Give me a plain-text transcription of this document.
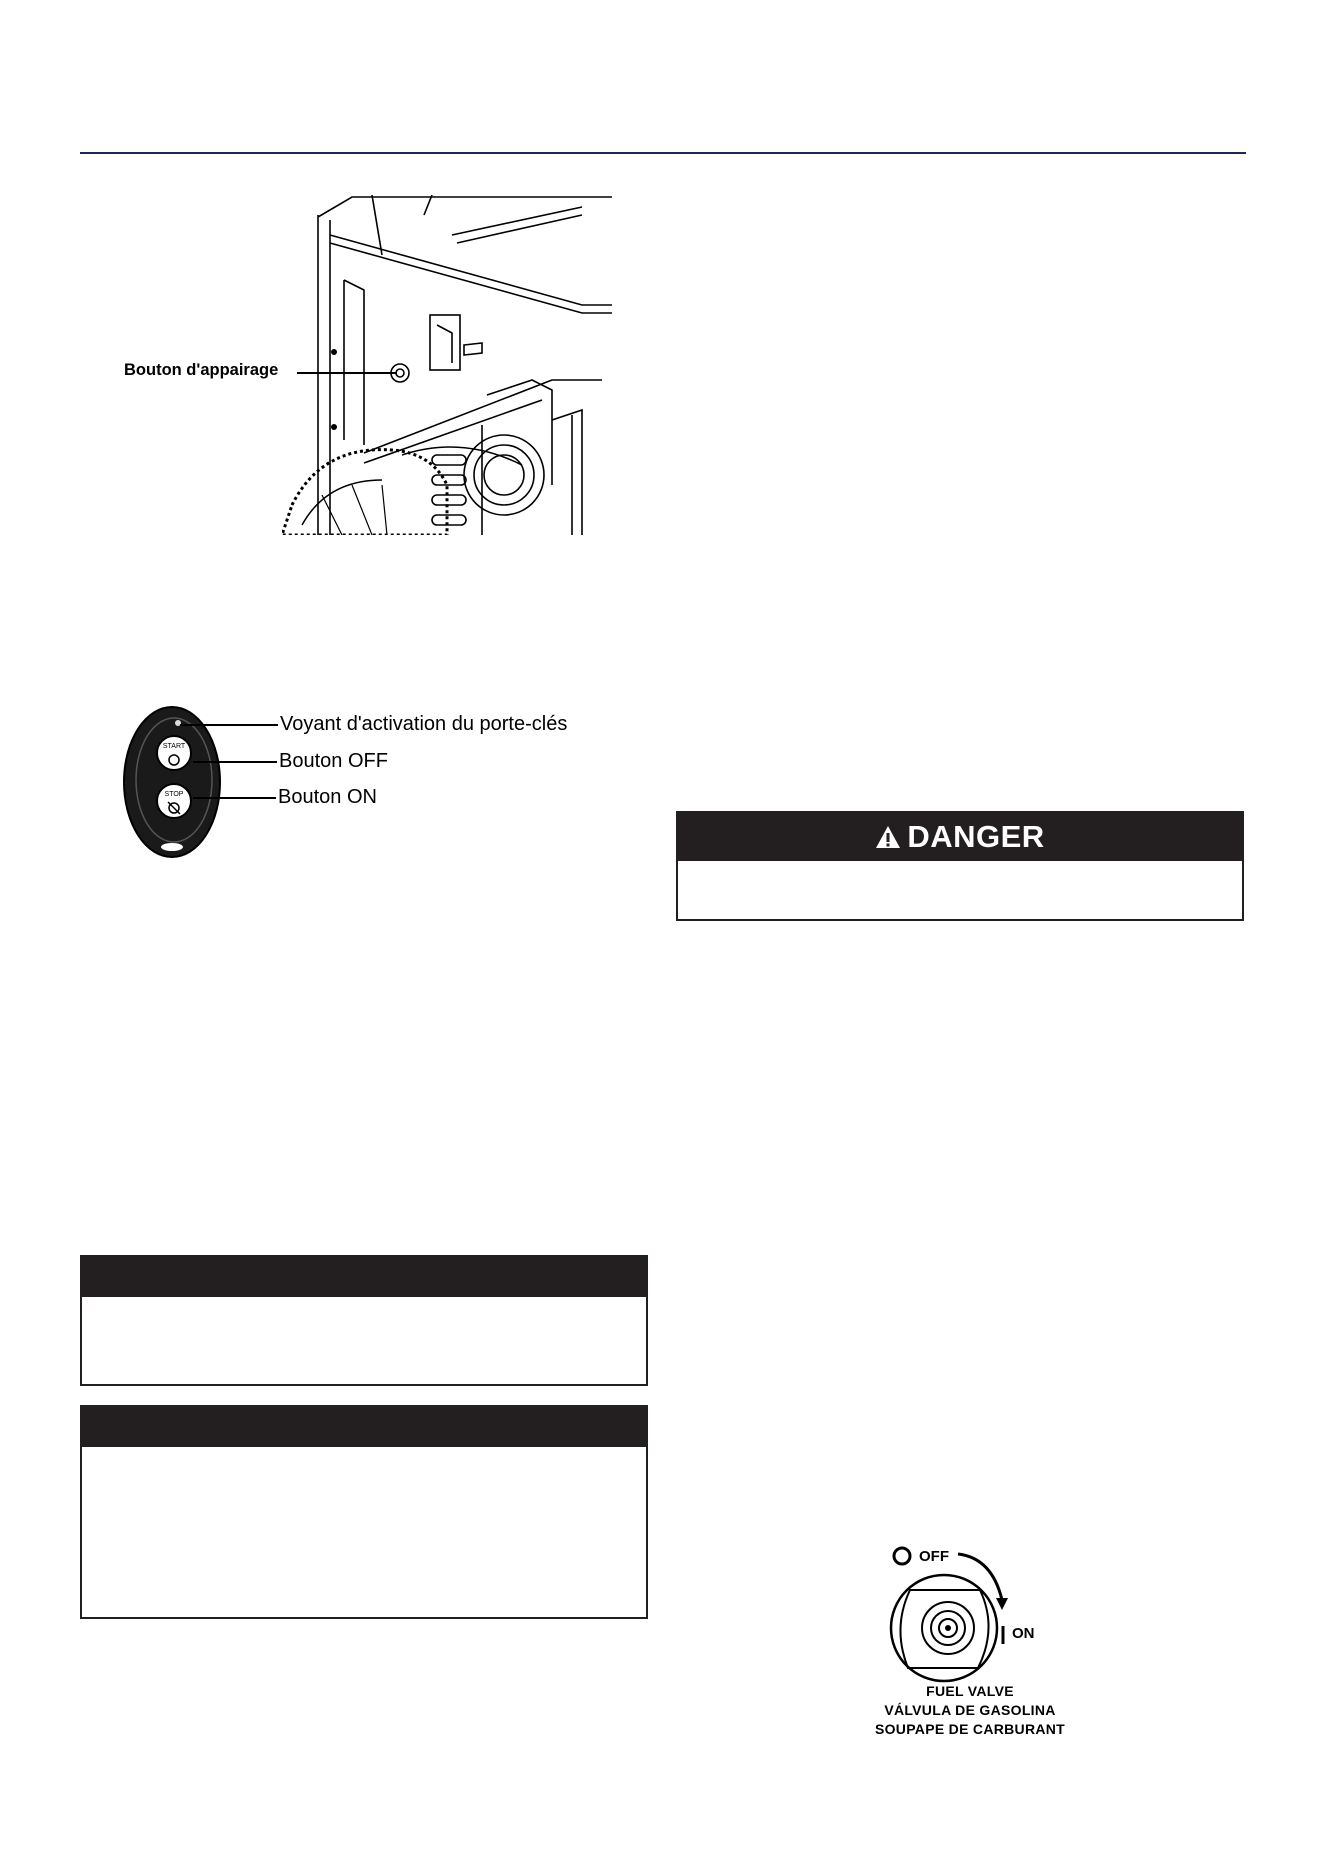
Bouton d'appairage
START
STOP
Voyant d'activation du porte-clés
Bouton OFF
Bouton ON
DANGER
OFF
ON
FUEL VALVE
VÁLVULA DE GASOLINA
SOUPAPE DE CARBURANT
